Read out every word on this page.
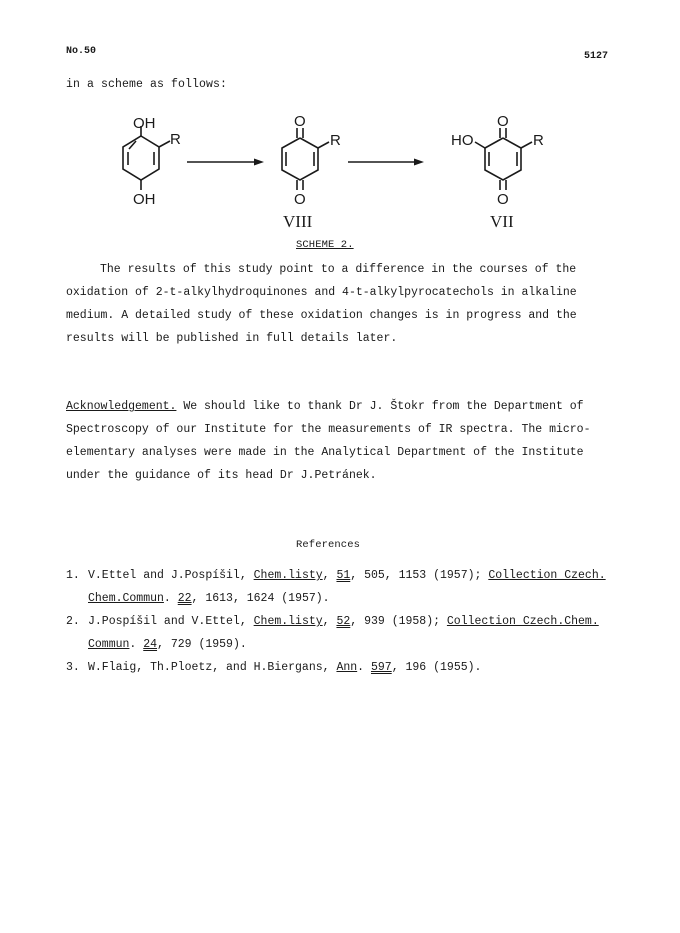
No.50	5127
in a scheme as follows:
OH
OH
R
O
O
R
VIII
O
O
R
HO
VII
SCHEME 2.
The results of this study point to a difference in the courses of the
oxidation of 2-t-alkylhydroquinones and 4-t-alkylpyrocatechols in alkaline
medium. A detailed study of these oxidation changes is in progress and the
results will be published in full details later.
Acknowledgement. We should like to thank Dr J. Štokr from the Department of
Spectroscopy of our Institute for the measurements of IR spectra. The micro-
elementary analyses were made in the Analytical Department of the Institute
under the guidance of its head Dr J.Petránek.
References
1. V.Ettel and J.Pospíšil, Chem.listy, 51, 505, 1153 (1957); Collection Czech.
Chem.Commun. 22, 1613, 1624 (1957).
2. J.Pospíšil and V.Ettel, Chem.listy, 52, 939 (1958); Collection Czech.Chem.
Commun. 24, 729 (1959).
3. W.Flaig, Th.Ploetz, and H.Biergans, Ann. 597, 196 (1955).
